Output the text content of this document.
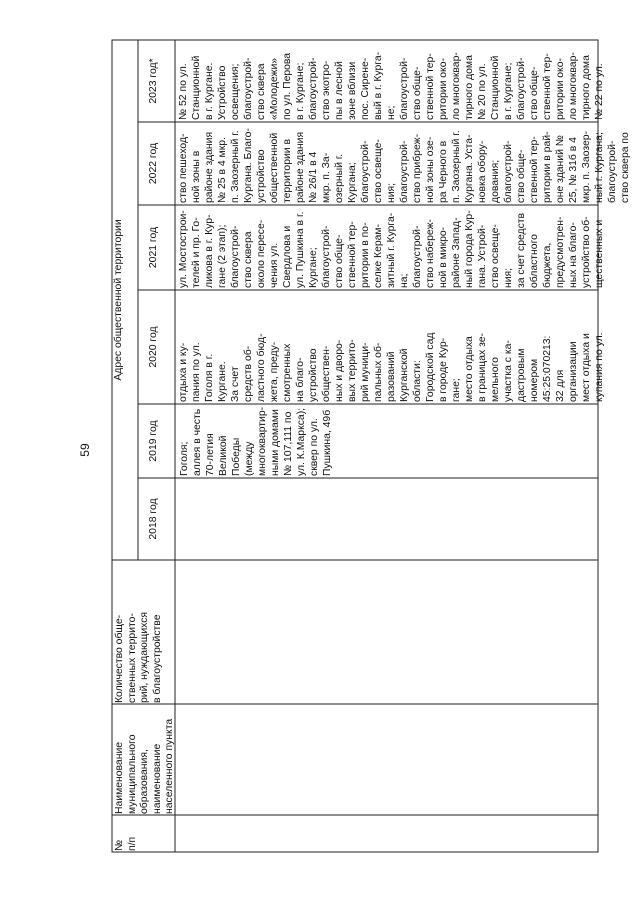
59
Адрес общественной территории
№
п/п
Наименование
муниципального
образования,
наименование
населенного пункта
Количество обще-
ственных террито-
рий, нуждающихся
в благоустройстве
2018 год
2019 год
2020 год
2021 год
2022 год
2023 год*
Гоголя;
аллея в честь
70-летия
Великой
Победы (между
многоквартир-
ными домами
№ 107,111 по
ул. К.Маркса);
сквер по ул.
Пушкина, 49б
отдыха и ку-
пания по ул.
Гоголя в г.
Кургане.
За счет
средств об-
ластного бюд-
жета, преду-
смотренных
на благо-
устройство
обществен-
ных и дворо-
вых террито-
рий муници-
пальных об-
разований
Курганской
области:
Городской сад
в городе Кур-
гане;
место отдыха
в границах зе-
мельного
участка с ка-
дастровым
номером
45:25:070213:
32 для
организации
мест отдыха и
купания по ул.
ул. Мостострои-
телей и пр. Го-
ликова в г. Кур-
гане (2 этап);
благоустрой-
ство сквера
около пересе-
чения ул.
Свердлова и
ул. Пушкина в г.
Кургане;
благоустрой-
ство обще-
ственной тер-
ритории в по-
селке Керам-
зитный г. Курга-
на;
благоустрой-
ство набереж-
ной в микро-
районе Запад-
ный города Кур-
гана. Устрой-
ство освеще-
ния;
за счет средств
областного
бюджета,
предусмотрен-
ных на благо-
устройство об-
щественных и
ство пешеход-
ной зоны в
районе здания
№ 25 в 4 мкр.
п. Заозерный г.
Кургана. Благо-
устройство
общественной
территории в
районе здания
№ 26/1 в 4
мкр. п. За-
озерный г.
Кургана;
благоустрой-
ство освеще-
ния;
благоустрой-
ство прибреж-
ной зоны озе-
ра Черного в
п. Заозерный г.
Кургана. Уста-
новка обору-
дования;
благоустрой-
ство обще-
ственной тер-
ритории в рай-
оне зданий №
25, № 31б в 4
мкр. п. Заозер-
ный г. Кургана;
благоустрой-
ство сквера по
№ 52 по ул.
Станционной
в г. Кургане.
Устройство
освещения;
благоустрой-
ство сквера
«Молодежи»
по ул. Перова
в г. Кургане;
благоустрой-
ство экотро-
пы в лесной
зоне вблизи
пос. Сирене-
вый в г. Курга-
не;
благоустрой-
ство обще-
ственной тер-
ритории око-
ло многоквар-
тирного дома
№ 20 по ул.
Станционной
в г. Кургане;
благоустрой-
ство обще-
ственной тер-
ритории око-
ло многоквар-
тирного дома
№ 22 по ул.
